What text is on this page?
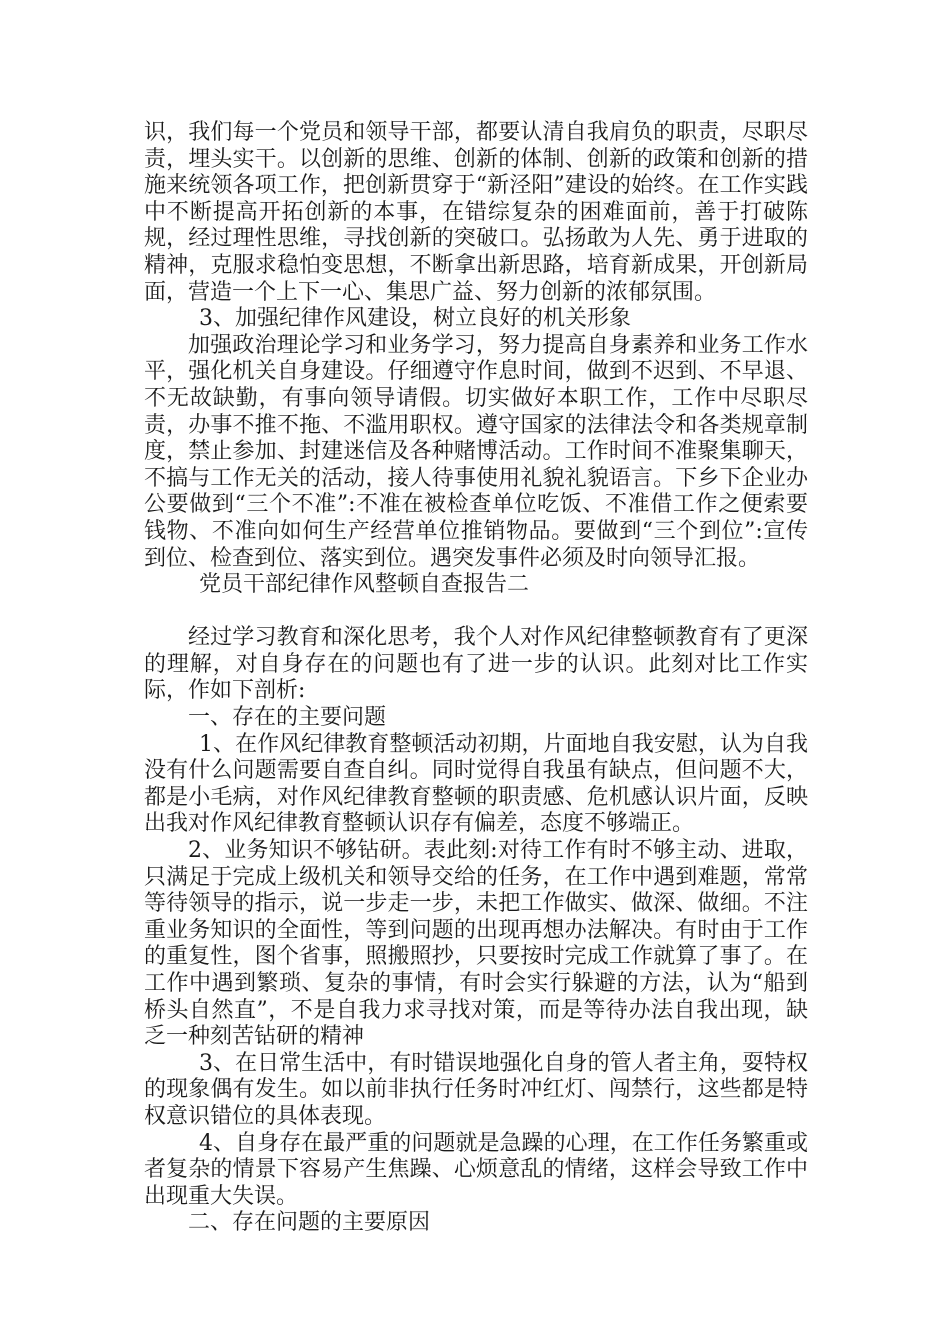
识，我们每一个党员和领导干部，都要认清自我肩负的职责，尽职尽责，埋头实干。以创新的思维、创新的体制、创新的政策和创新的措施来统领各项工作，把创新贯穿于“新泾阳”建设的始终。在工作实践中不断提高开拓创新的本事，在错综复杂的困难面前，善于打破陈规，经过理性思维，寻找创新的突破口。弘扬敢为人先、勇于进取的精神，克服求稳怕变思想，不断拿出新思路，培育新成果，开创新局面，营造一个上下一心、集思广益、努力创新的浓郁氛围。

3、加强纪律作风建设，树立良好的机关形象

加强政治理论学习和业务学习，努力提高自身素养和业务工作水平，强化机关自身建设。仔细遵守作息时间，做到不迟到、不早退、不无故缺勤，有事向领导请假。切实做好本职工作，工作中尽职尽责，办事不推不拖、不滥用职权。遵守国家的法律法令和各类规章制度，禁止参加、封建迷信及各种赌博活动。工作时间不准聚集聊天，不搞与工作无关的活动，接人待事使用礼貌礼貌语言。下乡下企业办公要做到“三个不准”:不准在被检查单位吃饭、不准借工作之便索要钱物、不准向如何生产经营单位推销物品。要做到“三个到位”:宣传到位、检查到位、落实到位。遇突发事件必须及时向领导汇报。

党员干部纪律作风整顿自查报告二

经过学习教育和深化思考，我个人对作风纪律整顿教育有了更深的理解，对自身存在的问题也有了进一步的认识。此刻对比工作实际，作如下剖析:

一、存在的主要问题

1、在作风纪律教育整顿活动初期，片面地自我安慰，认为自我没有什么问题需要自查自纠。同时觉得自我虽有缺点，但问题不大，都是小毛病，对作风纪律教育整顿的职责感、危机感认识片面，反映出我对作风纪律教育整顿认识存有偏差，态度不够端正。

2、业务知识不够钻研。表此刻:对待工作有时不够主动、进取，只满足于完成上级机关和领导交给的任务，在工作中遇到难题，常常等待领导的指示，说一步走一步，未把工作做实、做深、做细。不注重业务知识的全面性，等到问题的出现再想办法解决。有时由于工作的重复性，图个省事，照搬照抄，只要按时完成工作就算了事了。在工作中遇到繁琐、复杂的事情，有时会实行躲避的方法，认为“船到桥头自然直”，不是自我力求寻找对策，而是等待办法自我出现，缺乏一种刻苦钻研的精神

3、在日常生活中，有时错误地强化自身的管人者主角，耍特权的现象偶有发生。如以前非执行任务时冲红灯、闯禁行，这些都是特权意识错位的具体表现。

4、自身存在最严重的问题就是急躁的心理，在工作任务繁重或者复杂的情景下容易产生焦躁、心烦意乱的情绪，这样会导致工作中出现重大失误。

二、存在问题的主要原因
